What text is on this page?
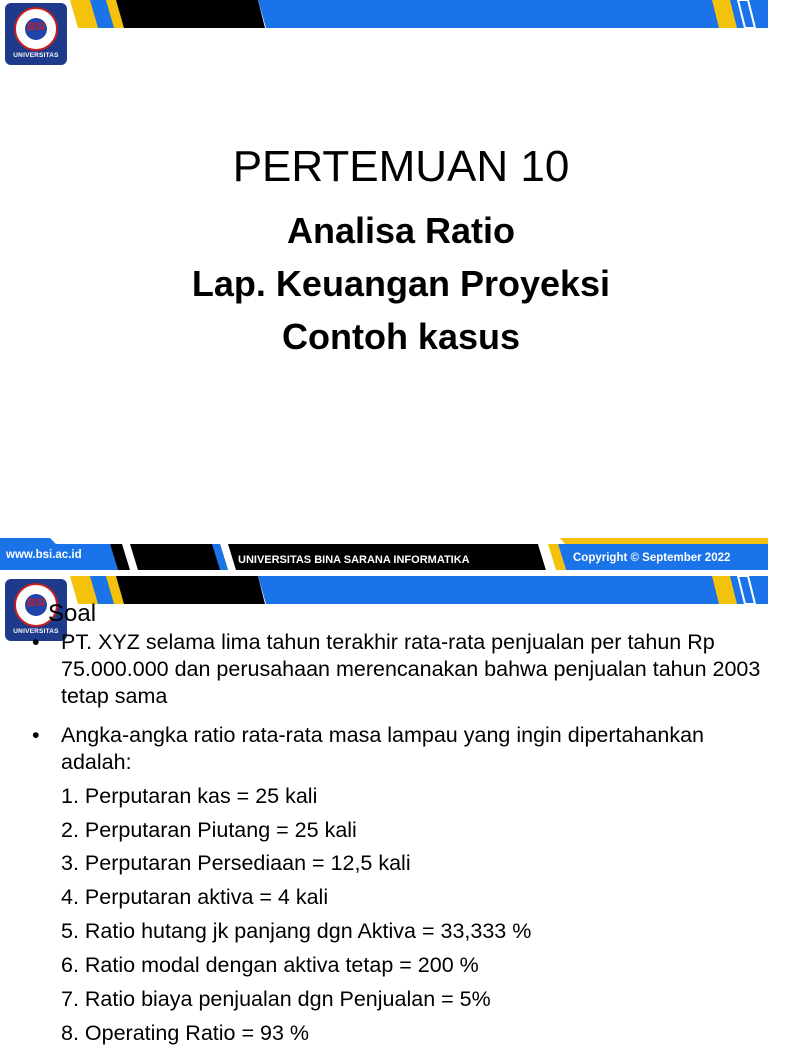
BSI
UNIVERSITAS
PERTEMUAN 10
Analisa Ratio
Lap. Keuangan Proyeksi
Contoh kasus
www.bsi.ac.id	UNIVERSITAS BINA SARANA INFORMATIKA	Copyright © September 2022
BSI
UNIVERSITAS
Soal
• PT. XYZ selama lima tahun terakhir rata-rata penjualan per tahun Rp 75.000.000 dan perusahaan merencanakan bahwa penjualan tahun 2003 tetap sama
• Angka-angka ratio rata-rata masa lampau yang ingin dipertahankan adalah:
1. Perputaran kas = 25 kali
2. Perputaran Piutang = 25 kali
3. Perputaran Persediaan = 12,5 kali
4. Perputaran aktiva = 4 kali
5. Ratio hutang jk panjang dgn Aktiva = 33,333 %
6. Ratio modal dengan aktiva tetap = 200 %
7. Ratio biaya penjualan dgn Penjualan = 5%
8. Operating Ratio = 93 %
